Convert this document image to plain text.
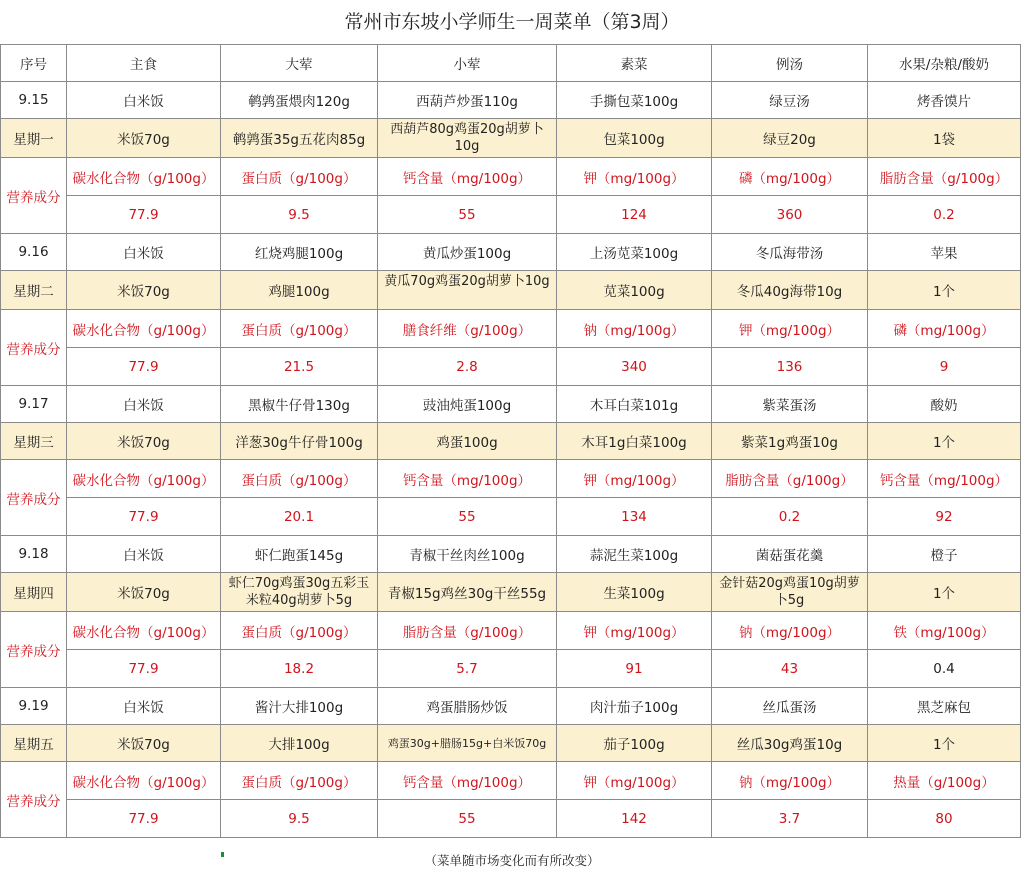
常州市东坡小学师生一周菜单（第3周）
序号	主食	大荤	小荤	素菜	例汤	水果/杂粮/酸奶
9.15	白米饭	鹌鹑蛋煨肉120g	西葫芦炒蛋110g	手撕包菜100g	绿豆汤	烤香馍片
星期一	米饭70g	鹌鹑蛋35g五花肉85g	西葫芦80g鸡蛋20g胡萝卜10g	包菜100g	绿豆20g	1袋
营养成分	碳水化合物（g/100g）	蛋白质（g/100g）	钙含量（mg/100g）	钾（mg/100g）	磷（mg/100g）	脂肪含量（g/100g）
	77.9	9.5	55	124	360	0.2
9.16	白米饭	红烧鸡腿100g	黄瓜炒蛋100g	上汤苋菜100g	冬瓜海带汤	苹果
星期二	米饭70g	鸡腿100g	黄瓜70g鸡蛋20g胡萝卜10g	苋菜100g	冬瓜40g海带10g	1个
营养成分	碳水化合物（g/100g）	蛋白质（g/100g）	膳食纤维（g/100g）	钠（mg/100g）	钾（mg/100g）	磷（mg/100g）
	77.9	21.5	2.8	340	136	9
9.17	白米饭	黑椒牛仔骨130g	豉油炖蛋100g	木耳白菜101g	紫菜蛋汤	酸奶
星期三	米饭70g	洋葱30g牛仔骨100g	鸡蛋100g	木耳1g白菜100g	紫菜1g鸡蛋10g	1个
营养成分	碳水化合物（g/100g）	蛋白质（g/100g）	钙含量（mg/100g）	钾（mg/100g）	脂肪含量（g/100g）	钙含量（mg/100g）
	77.9	20.1	55	134	0.2	92
9.18	白米饭	虾仁跑蛋145g	青椒干丝肉丝100g	蒜泥生菜100g	菌菇蛋花羹	橙子
星期四	米饭70g	虾仁70g鸡蛋30g五彩玉米粒40g胡萝卜5g	青椒15g鸡丝30g干丝55g	生菜100g	金针菇20g鸡蛋10g胡萝卜5g	1个
营养成分	碳水化合物（g/100g）	蛋白质（g/100g）	脂肪含量（g/100g）	钾（mg/100g）	钠（mg/100g）	铁（mg/100g）
	77.9	18.2	5.7	91	43	0.4
9.19	白米饭	酱汁大排100g	鸡蛋腊肠炒饭	肉汁茄子100g	丝瓜蛋汤	黑芝麻包
星期五	米饭70g	大排100g	鸡蛋30g+腊肠15g+白米饭70g	茄子100g	丝瓜30g鸡蛋10g	1个
营养成分	碳水化合物（g/100g）	蛋白质（g/100g）	钙含量（mg/100g）	钾（mg/100g）	钠（mg/100g）	热量（g/100g）
	77.9	9.5	55	142	3.7	80
（菜单随市场变化而有所改变）
